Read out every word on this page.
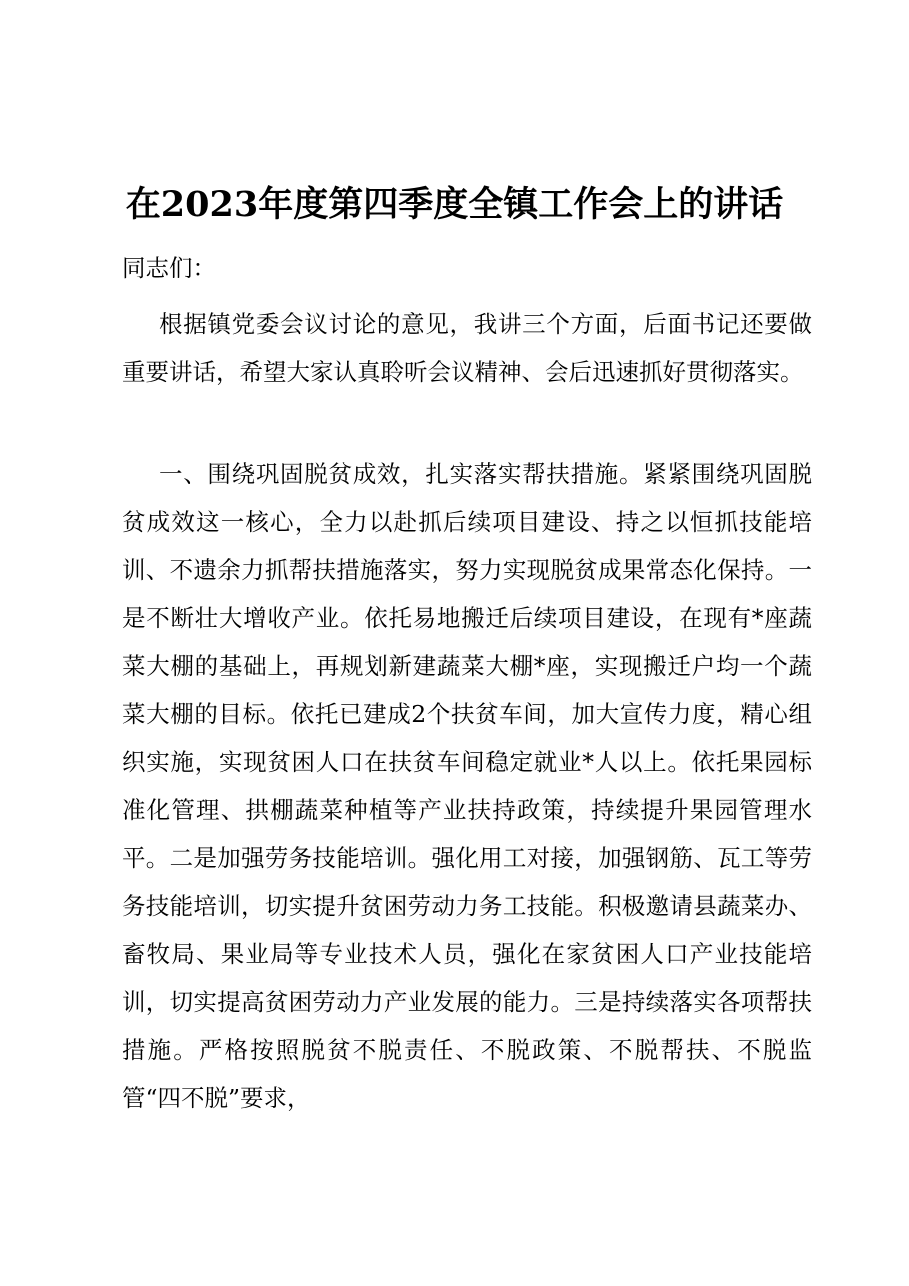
在2023年度第四季度全镇工作会上的讲话

同志们：

根据镇党委会议讨论的意见，我讲三个方面，后面书记还要做重要讲话，希望大家认真聆听会议精神、会后迅速抓好贯彻落实。

一、围绕巩固脱贫成效，扎实落实帮扶措施。紧紧围绕巩固脱贫成效这一核心，全力以赴抓后续项目建设、持之以恒抓技能培训、不遗余力抓帮扶措施落实，努力实现脱贫成果常态化保持。一是不断壮大增收产业。依托易地搬迁后续项目建设，在现有*座蔬菜大棚的基础上，再规划新建蔬菜大棚*座，实现搬迁户均一个蔬菜大棚的目标。依托已建成2个扶贫车间，加大宣传力度，精心组织实施，实现贫困人口在扶贫车间稳定就业*人以上。依托果园标准化管理、拱棚蔬菜种植等产业扶持政策，持续提升果园管理水平。二是加强劳务技能培训。强化用工对接，加强钢筋、瓦工等劳务技能培训，切实提升贫困劳动力务工技能。积极邀请县蔬菜办、畜牧局、果业局等专业技术人员，强化在家贫困人口产业技能培训，切实提高贫困劳动力产业发展的能力。三是持续落实各项帮扶措施。严格按照脱贫不脱责任、不脱政策、不脱帮扶、不脱监管“四不脱”要求，
